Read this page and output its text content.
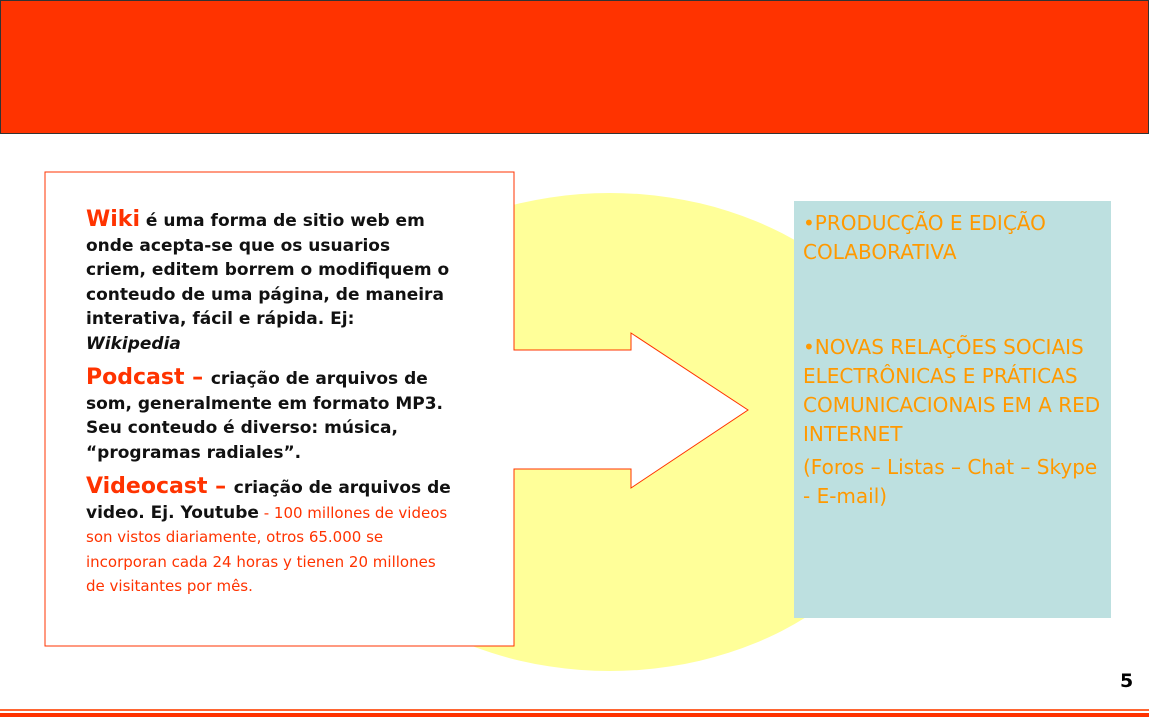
Wiki é uma forma de sitio web em onde acepta-se que os usuarios criem, editem borrem o modifiquem o conteudo de uma página, de maneira interativa, fácil e rápida. Ej: Wikipedia

Podcast – criação de arquivos de som, generalmente em formato MP3. Seu conteudo é diverso: música, “programas radiales”.

Videocast – criação de arquivos de video. Ej. Youtube - 100 millones de videos son vistos diariamente, otros 65.000 se incorporan cada 24 horas y tienen 20 millones de visitantes por mês.

•PRODUCÇÃO E EDIÇÃO COLABORATIVA

•NOVAS RELAÇÕES SOCIAIS ELECTRÔNICAS E PRÁTICAS COMUNICACIONAIS EM A RED INTERNET

(Foros – Listas – Chat – Skype - E-mail)

5
